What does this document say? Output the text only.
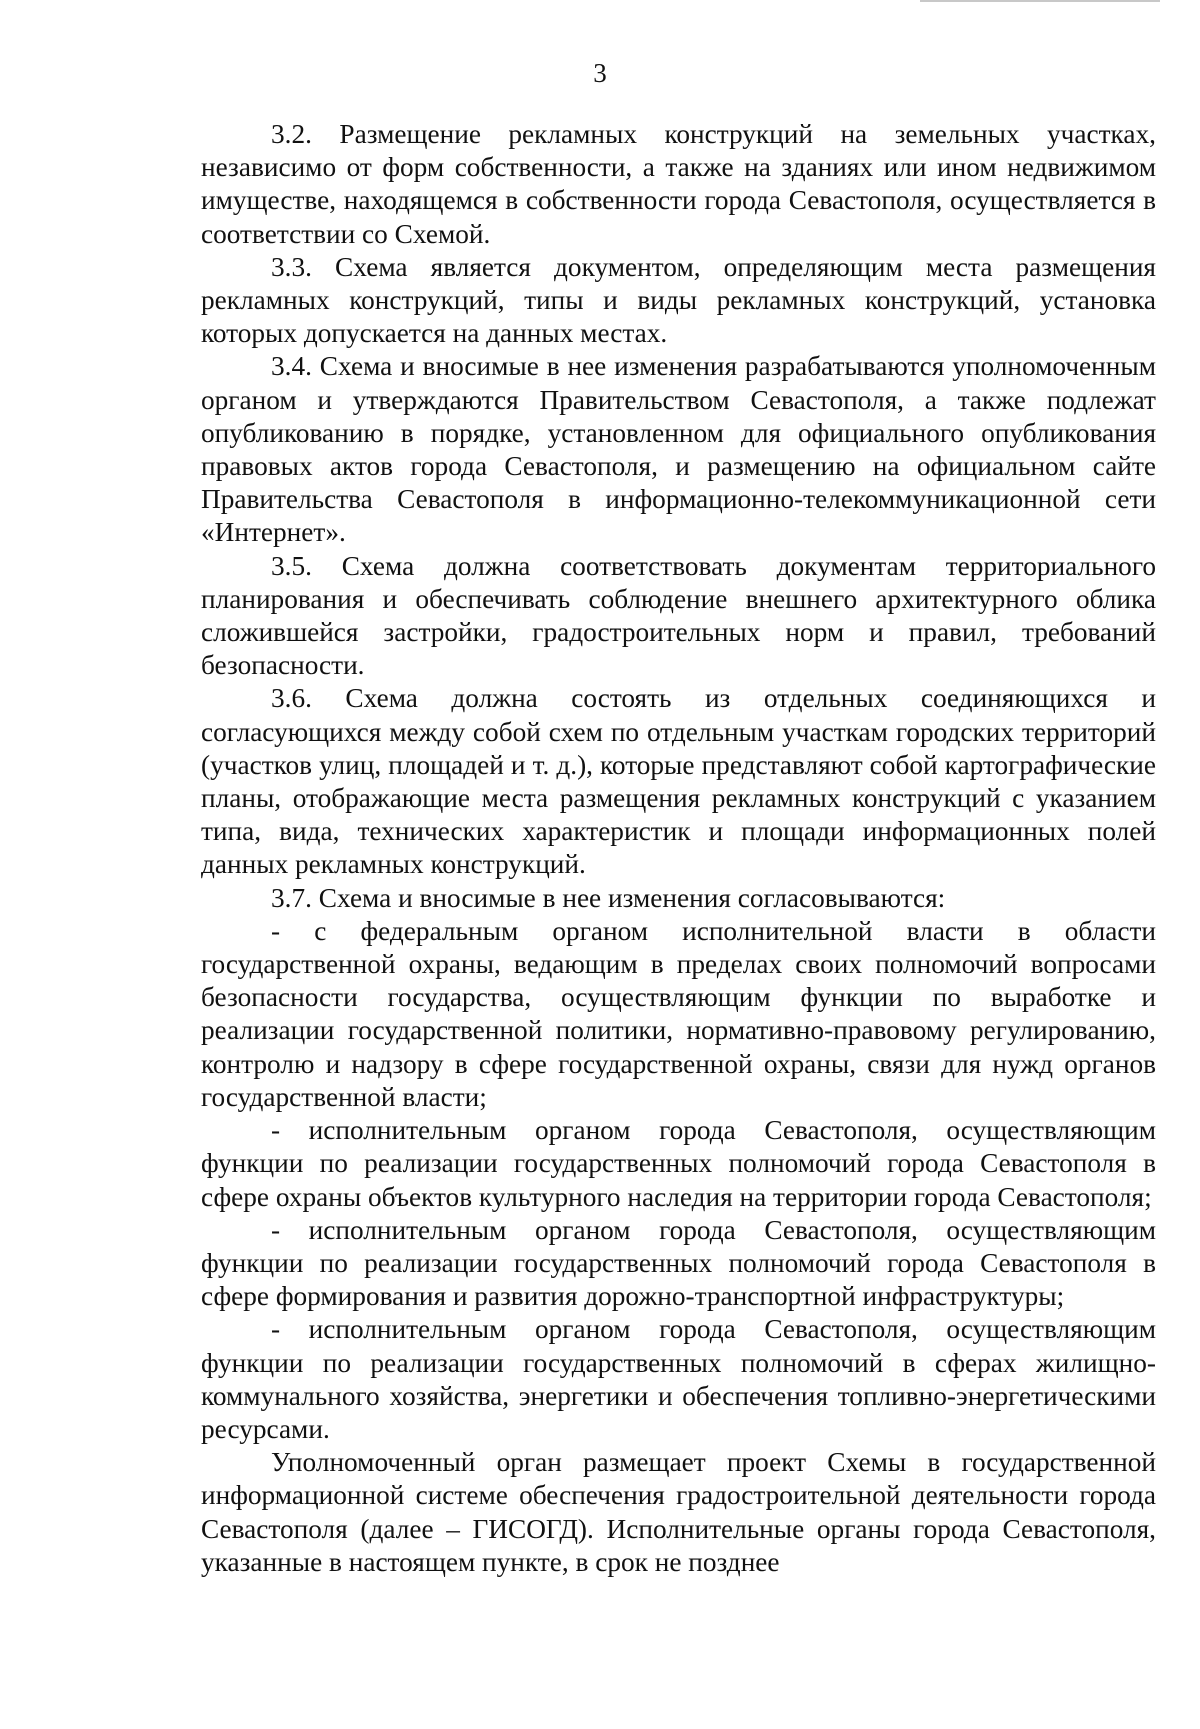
3

3.2. Размещение рекламных конструкций на земельных участках, независимо от форм собственности, а также на зданиях или ином недвижимом имуществе, находящемся в собственности города Севастополя, осуществляется в соответствии со Схемой.

3.3. Схема является документом, определяющим места размещения рекламных конструкций, типы и виды рекламных конструкций, установка которых допускается на данных местах.

3.4. Схема и вносимые в нее изменения разрабатываются уполномоченным органом и утверждаются Правительством Севастополя, а также подлежат опубликованию в порядке, установленном для официального опубликования правовых актов города Севастополя, и размещению на официальном сайте Правительства Севастополя в информационно-телекоммуникационной сети «Интернет».

3.5. Схема должна соответствовать документам территориального планирования и обеспечивать соблюдение внешнего архитектурного облика сложившейся застройки, градостроительных норм и правил, требований безопасности.

3.6. Схема должна состоять из отдельных соединяющихся и согласующихся между собой схем по отдельным участкам городских территорий (участков улиц, площадей и т. д.), которые представляют собой картографические планы, отображающие места размещения рекламных конструкций с указанием типа, вида, технических характеристик и площади информационных полей данных рекламных конструкций.

3.7. Схема и вносимые в нее изменения согласовываются:

- с федеральным органом исполнительной власти в области государственной охраны, ведающим в пределах своих полномочий вопросами безопасности государства, осуществляющим функции по выработке и реализации государственной политики, нормативно-правовому регулированию, контролю и надзору в сфере государственной охраны, связи для нужд органов государственной власти;

- исполнительным органом города Севастополя, осуществляющим функции по реализации государственных полномочий города Севастополя в сфере охраны объектов культурного наследия на территории города Севастополя;

- исполнительным органом города Севастополя, осуществляющим функции по реализации государственных полномочий города Севастополя в сфере формирования и развития дорожно-транспортной инфраструктуры;

- исполнительным органом города Севастополя, осуществляющим функции по реализации государственных полномочий в сферах жилищно-коммунального хозяйства, энергетики и обеспечения топливно-энергетическими ресурсами.

Уполномоченный орган размещает проект Схемы в государственной информационной системе обеспечения градостроительной деятельности города Севастополя (далее – ГИСОГД). Исполнительные органы города Севастополя, указанные в настоящем пункте, в срок не позднее
